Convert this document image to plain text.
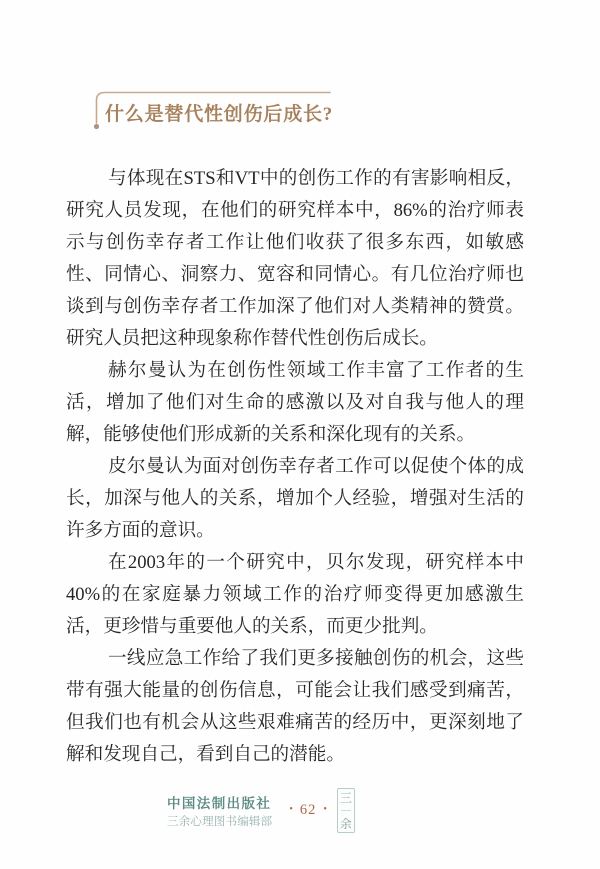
什么是替代性创伤后成长?
与体现在STS和VT中的创伤工作的有害影响相反，
研究人员发现，在他们的研究样本中，86%的治疗师表
示与创伤幸存者工作让他们收获了很多东西，如敏感
性、同情心、洞察力、宽容和同情心。有几位治疗师也
谈到与创伤幸存者工作加深了他们对人类精神的赞赏。
研究人员把这种现象称作替代性创伤后成长。
赫尔曼认为在创伤性领域工作丰富了工作者的生
活，增加了他们对生命的感激以及对自我与他人的理
解，能够使他们形成新的关系和深化现有的关系。
皮尔曼认为面对创伤幸存者工作可以促使个体的成
长，加深与他人的关系，增加个人经验，增强对生活的
许多方面的意识。
在2003年的一个研究中，贝尔发现，研究样本中
40%的在家庭暴力领域工作的治疗师变得更加感激生
活，更珍惜与重要他人的关系，而更少批判。
一线应急工作给了我们更多接触创伤的机会，这些
带有强大能量的创伤信息，可能会让我们感受到痛苦，
但我们也有机会从这些艰难痛苦的经历中，更深刻地了
解和发现自己，看到自己的潜能。
中国法制出版社
三余心理图书编辑部
• 62 •
三
余
